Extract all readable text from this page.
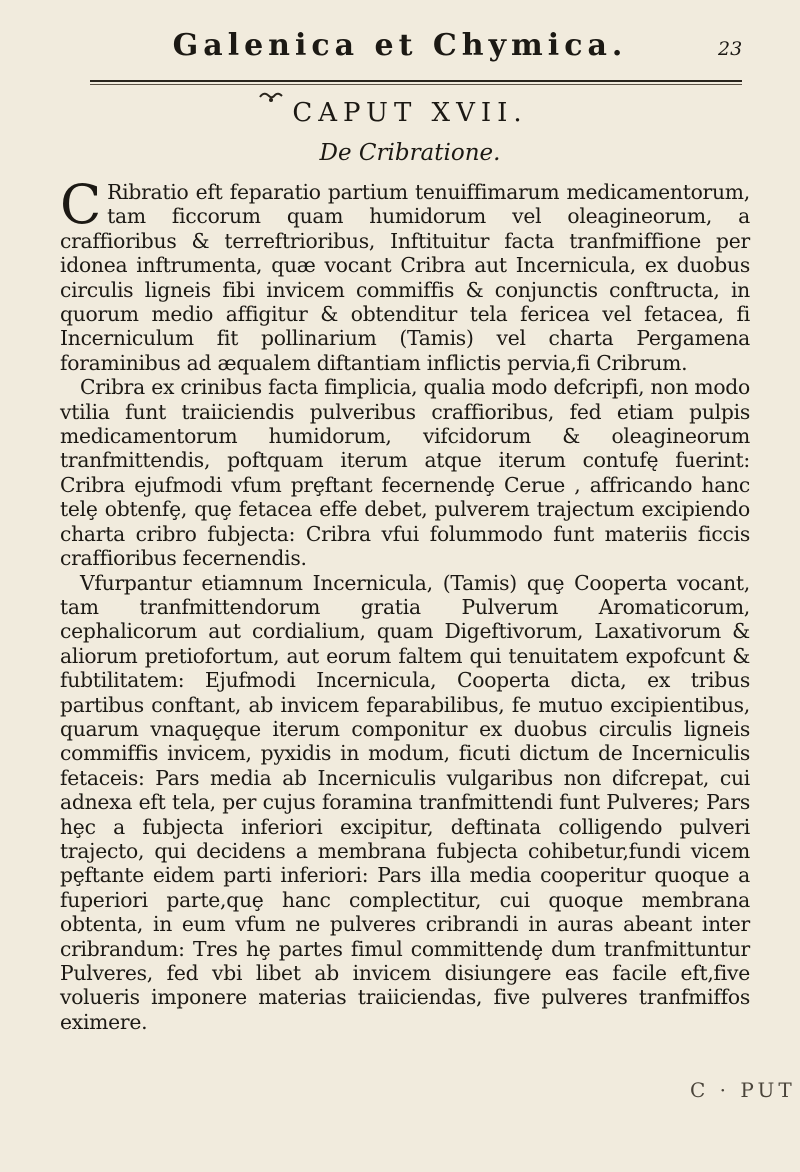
Galenica et Chymica.	23
CAPUT XVII.
De Cribratione.

C Ribratio eft feparatio partium tenuiffimarum medicamentorum, tam ficcorum quam humidorum vel oleagineorum, a craffioribus & terreftrioribus, Inftituitur facta tranfmiffione per idonea inftrumenta, quæ vocant Cribra aut Incernicula, ex duobus circulis ligneis fibi invicem commiffis & conjunctis conftructa, in quorum medio affigitur & obtenditur tela fericea vel fetacea, fi Incerniculum fit pollinarium (Tamis) vel charta Pergamena foraminibus ad æqualem diftantiam inflictis pervia,fi Cribrum.

Cribra ex crinibus facta fimplicia, qualia modo defcripfi, non modo vtilia funt traiiciendis pulveribus craffioribus, fed etiam pulpis medicamentorum humidorum, vifcidorum & oleagineorum tranfmittendis, poftquam iterum atque iterum contufę fuerint: Cribra ejufmodi vfum prȩftant fecernendȩ Cerue , affricando hanc telȩ obtenfȩ, quȩ fetacea effe debet, pulverem trajectum excipiendo charta cribro fubjecta: Cribra vfui folummodo funt materiis ficcis craffioribus fecernendis.

Vfurpantur etiamnum Incernicula, (Tamis) quȩ Cooperta vocant, tam tranfmittendorum gratia Pulverum Aromaticorum, cephalicorum aut cordialium, quam Digeftivorum, Laxativorum & aliorum pretiofortum, aut eorum faltem qui tenuitatem expofcunt & fubtilitatem: Ejufmodi Incernicula, Cooperta dicta, ex tribus partibus conftant, ab invicem feparabilibus, fe mutuo excipientibus, quarum vnaquȩque iterum componitur ex duobus circulis ligneis commiffis invicem, pyxidis in modum, ficuti dictum de Incerniculis fetaceis: Pars media ab Incerniculis vulgaribus non difcrepat, cui adnexa eft tela, per cujus foramina tranfmittendi funt Pulveres; Pars hȩc a fubjecta inferiori excipitur, deftinata colligendo pulveri trajecto, qui decidens a membrana fubjecta cohibetur,fundi vicem pȩftante eidem parti inferiori: Pars illa media cooperitur quoque a fuperiori parte,quȩ hanc complectitur, cui quoque membrana obtenta, in eum vfum ne pulveres cribrandi in auras abeant inter cribrandum: Tres hȩ partes fimul committendȩ dum tranfmittuntur Pulveres, fed vbi libet ab invicem disiungere eas facile eft,five volueris imponere materias traiiciendas, five pulveres tranfmiffos eximere.

C · PUT
